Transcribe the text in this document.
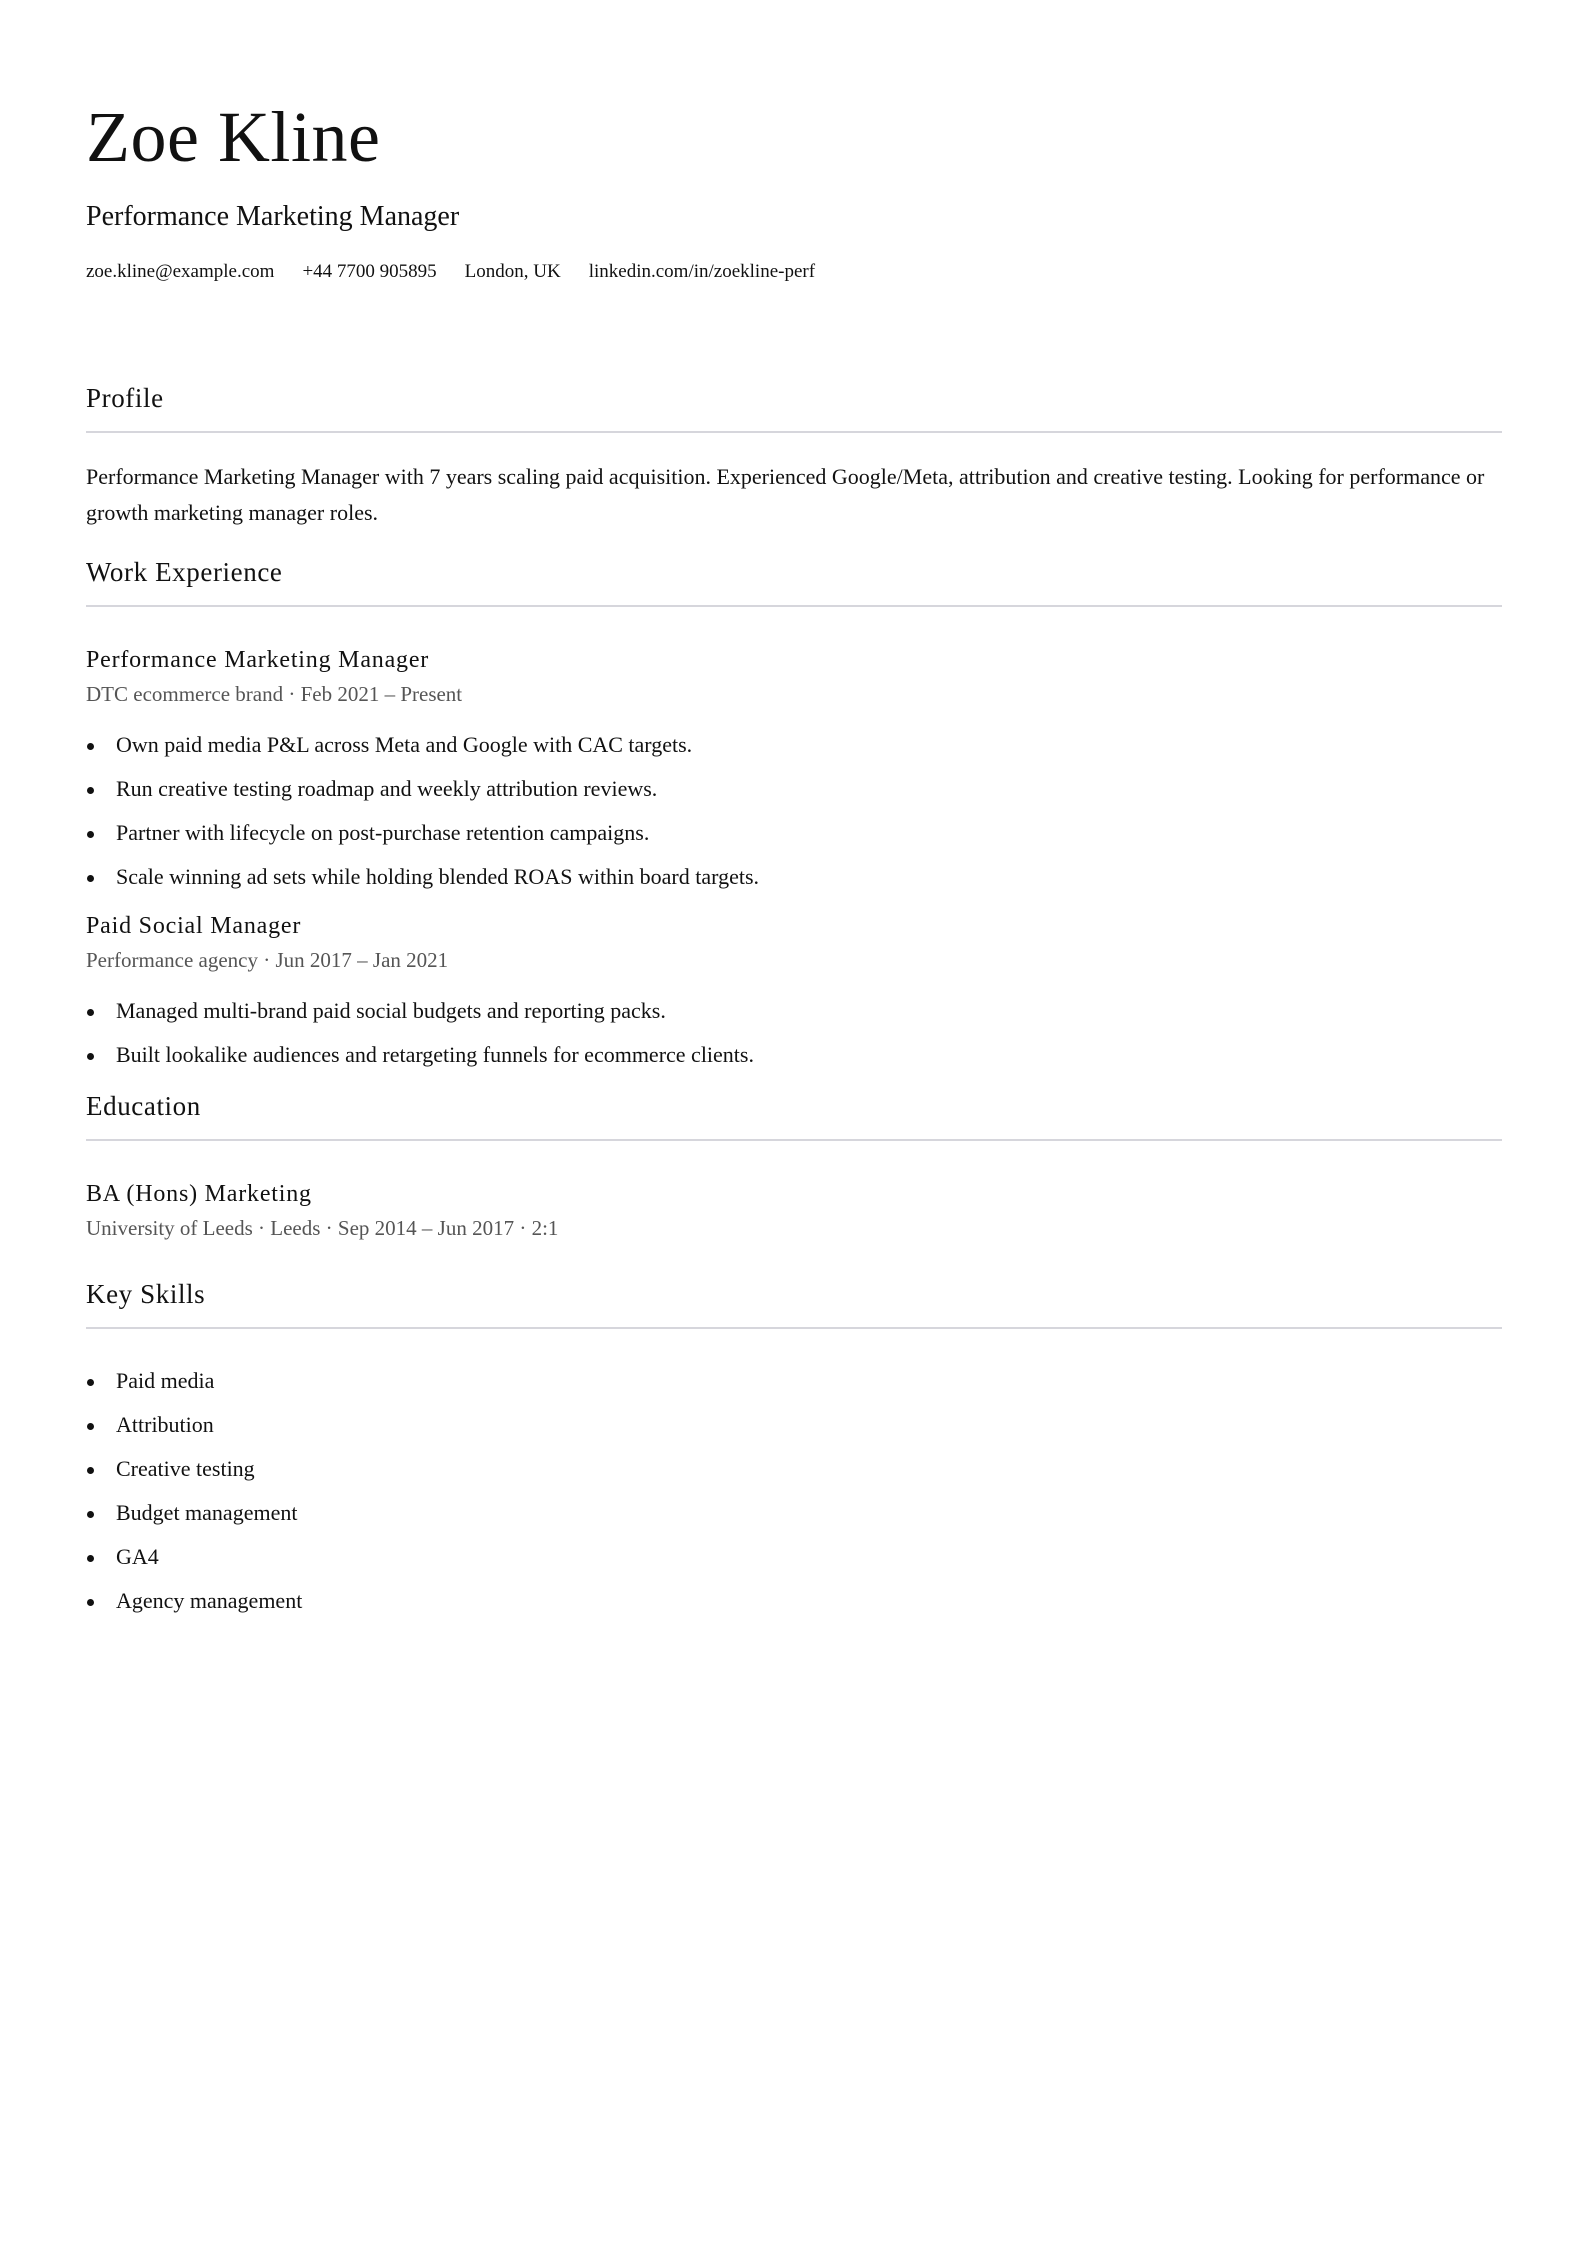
Zoe Kline
Performance Marketing Manager
zoe.kline@example.com +44 7700 905895 London, UK linkedin.com/in/zoekline-perf
Profile

Performance Marketing Manager with 7 years scaling paid acquisition. Experienced Google/Meta, attribution and creative testing. Looking for performance or growth marketing manager roles.

Work Experience
Performance Marketing Manager

DTC ecommerce brand · Feb 2021 – Present

Own paid media P&L across Meta and Google with CAC targets.
Run creative testing roadmap and weekly attribution reviews.
Partner with lifecycle on post-purchase retention campaigns.
Scale winning ad sets while holding blended ROAS within board targets.
Paid Social Manager

Performance agency · Jun 2017 – Jan 2021

Managed multi-brand paid social budgets and reporting packs.
Built lookalike audiences and retargeting funnels for ecommerce clients.
Education
BA (Hons) Marketing

University of Leeds · Leeds · Sep 2014 – Jun 2017 · 2:1

Key Skills
Paid media
Attribution
Creative testing
Budget management
GA4
Agency management
